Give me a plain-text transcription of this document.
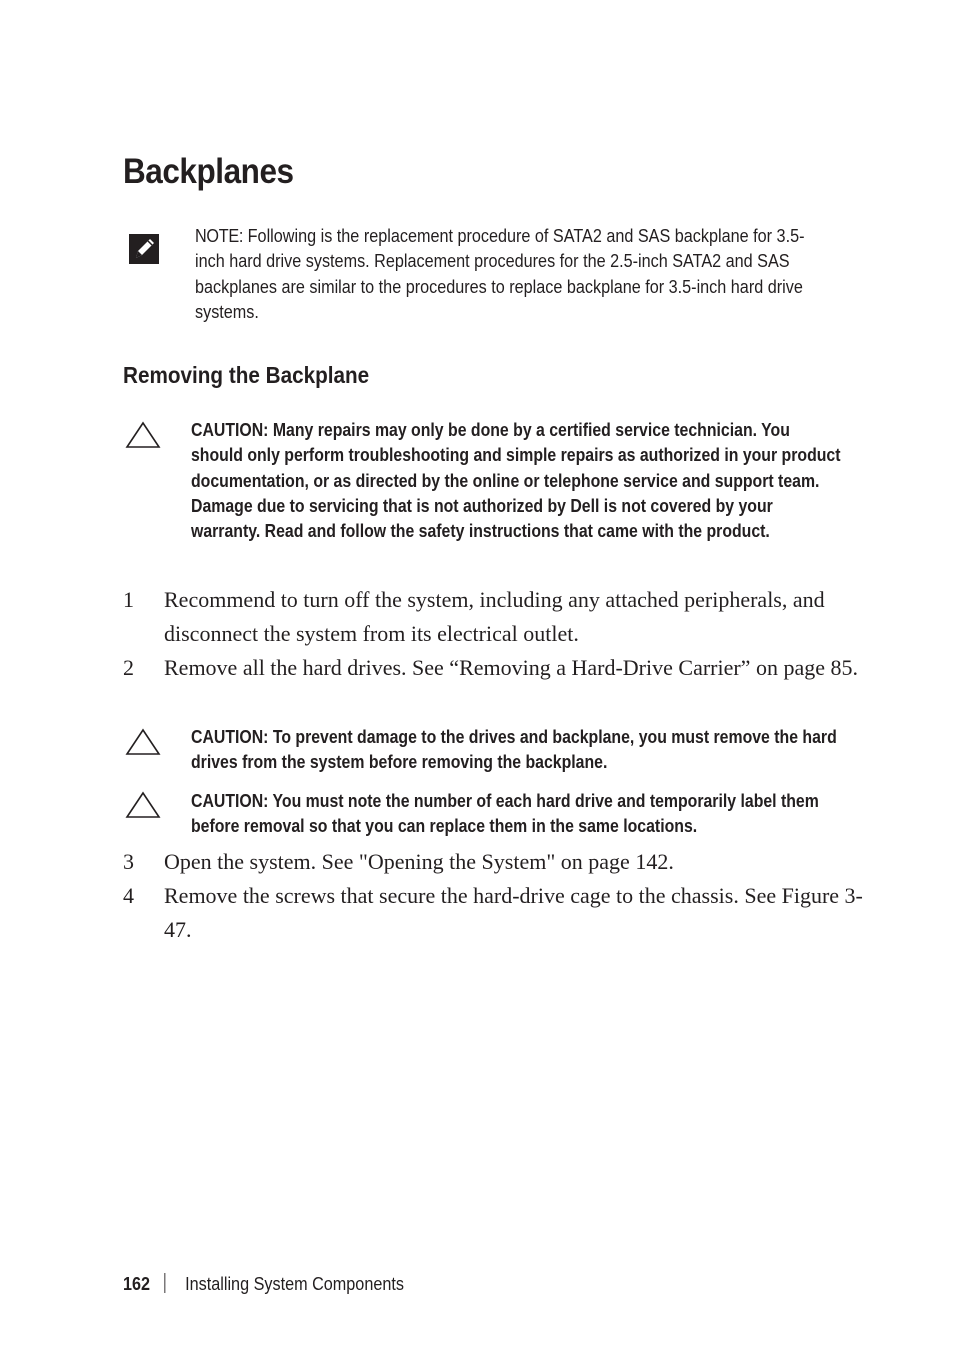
Backplanes
NOTE: Following is the replacement procedure of SATA2 and SAS backplane for 3.5-inch hard drive systems. Replacement procedures for the 2.5-inch SATA2 and SAS backplanes are similar to the procedures to replace backplane for 3.5-inch hard drive systems.
Removing the Backplane
CAUTION: Many repairs may only be done by a certified service technician. You should only perform troubleshooting and simple repairs as authorized in your product documentation, or as directed by the online or telephone service and support team. Damage due to servicing that is not authorized by Dell is not covered by your warranty. Read and follow the safety instructions that came with the product.
1 Recommend to turn off the system, including any attached peripherals, and disconnect the system from its electrical outlet.
2 Remove all the hard drives. See “Removing a Hard-Drive Carrier” on page 85.
CAUTION: To prevent damage to the drives and backplane, you must remove the hard drives from the system before removing the backplane.
CAUTION: You must note the number of each hard drive and temporarily label them before removal so that you can replace them in the same locations.
3 Open the system. See "Opening the System" on page 142.
4 Remove the screws that secure the hard-drive cage to the chassis. See Figure 3-47.
162 Installing System Components
